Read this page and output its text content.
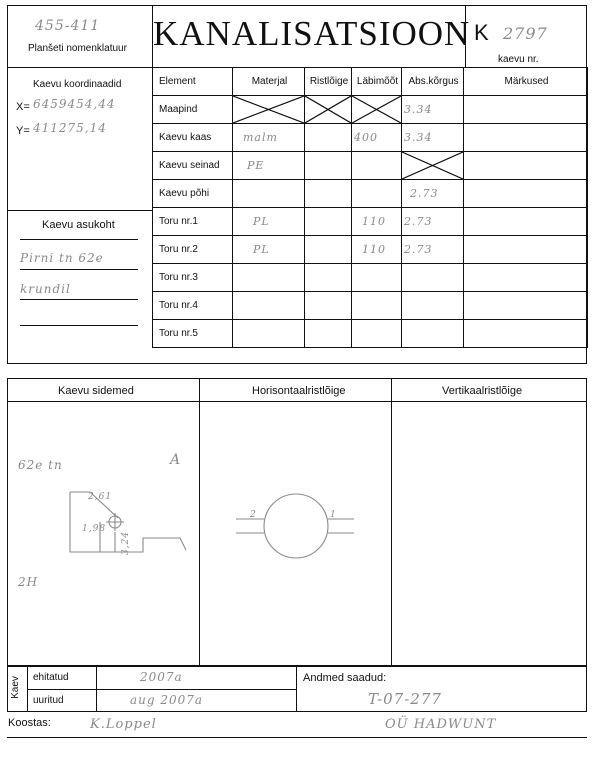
455-411
Planšeti nomenklatuur KANALISATSIOON K 2797
kaevu nr.
Kaevu koordinaadid
X= 6459454,44
Y= 411275,14
Kaevu asukoht
Pirni tn 62e
krundil
Element	Materjal	Ristlõige	Läbimõõt	Abs.kõrgus	Märkused
Maapind				3.34	
Kaevu kaas	malm		400	3.34	
Kaevu seinad	PE			

Kaevu põhi				2.73	
Toru nr.1	PL		110	2.73	
Toru nr.2	PL		110	2.73	
Toru nr.3					
Toru nr.4					
Toru nr.5					
Kaevu sidemed	Horisontaalristlõige	Vertikaalristlõige
62e tn	A
2,61
1,98
3,24
2H
2	1
Kaev ehitatud	2007a
uuritud	aug 2007a
Andmed saadud:
T-07-277
Koostas:	K.Loppel	OÜ HADWUNT
